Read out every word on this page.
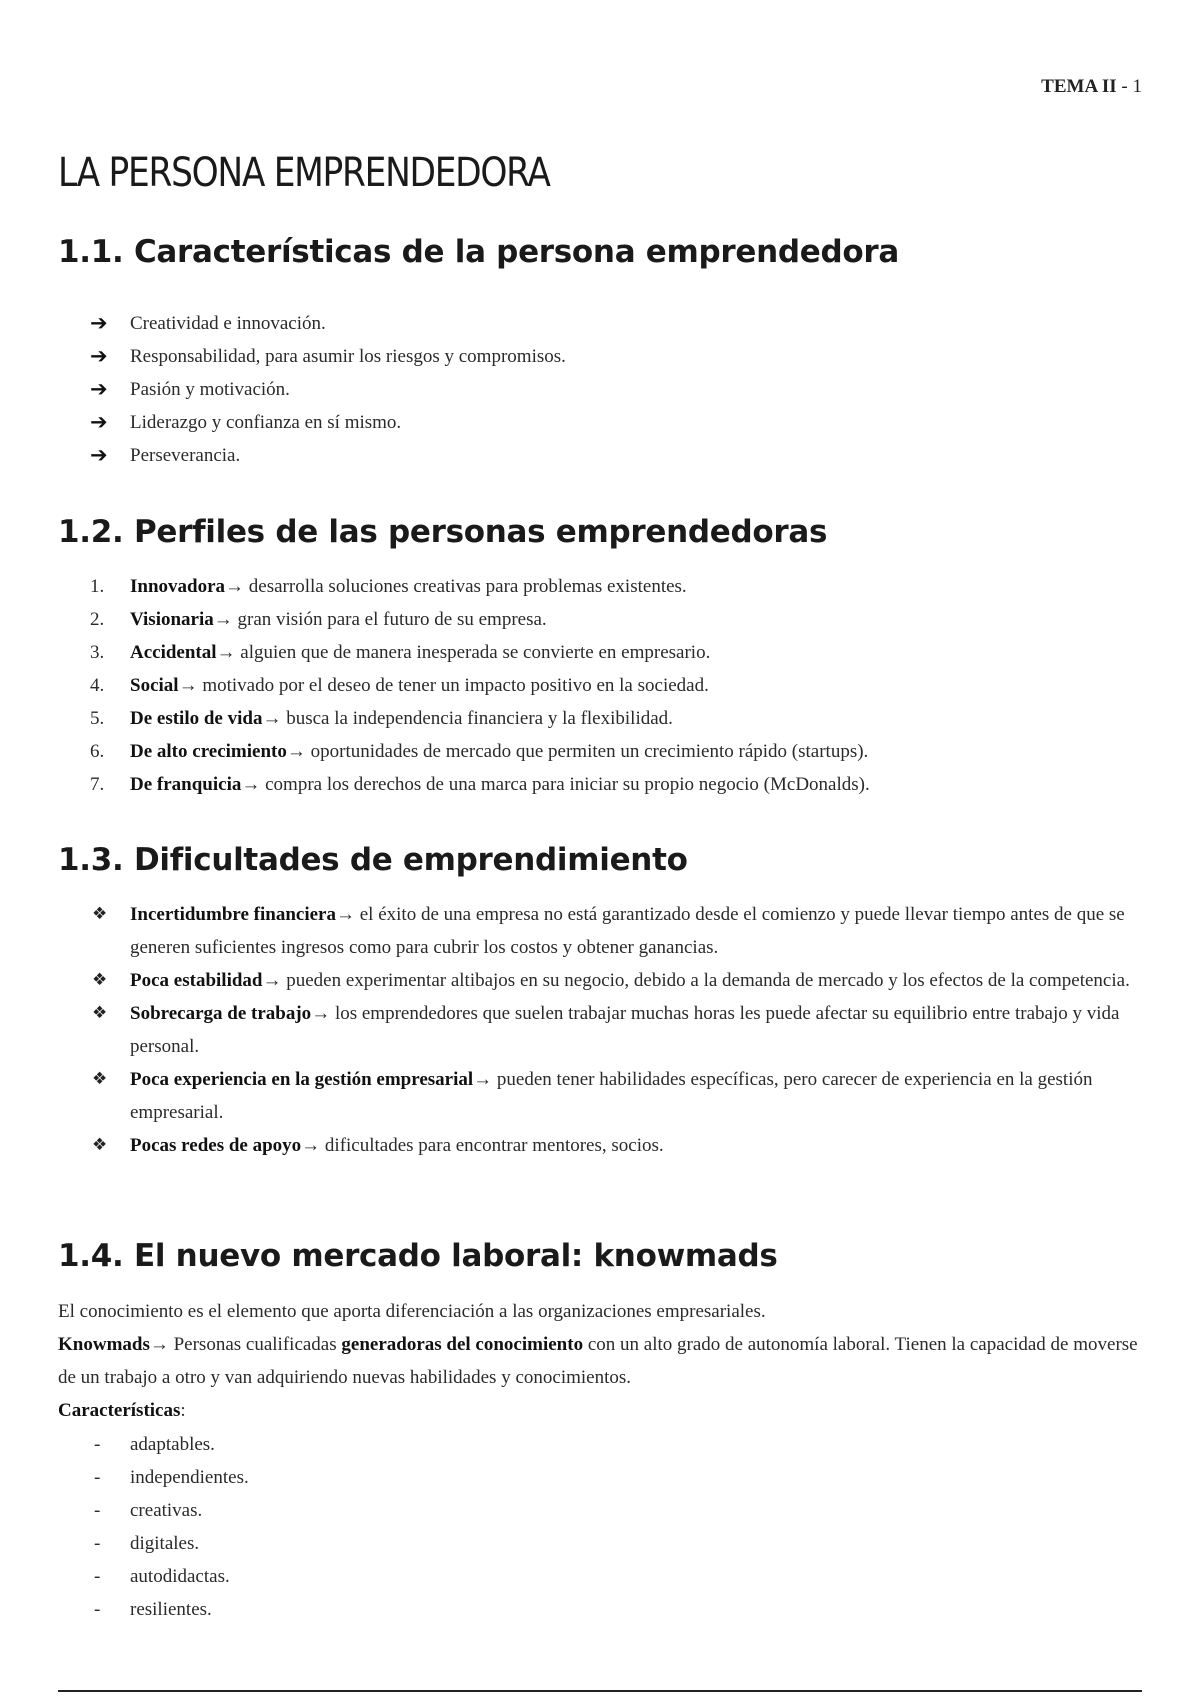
TEMA II - 1
LA PERSONA EMPRENDEDORA
1.1. Características de la persona emprendedora
➔	Creatividad e innovación.
➔	Responsabilidad, para asumir los riesgos y compromisos.
➔	Pasión y motivación.
➔	Liderazgo y confianza en sí mismo.
➔	Perseverancia.
1.2. Perfiles de las personas emprendedoras
1.	Innovadora→ desarrolla soluciones creativas para problemas existentes.
2.	Visionaria→ gran visión para el futuro de su empresa.
3.	Accidental→ alguien que de manera inesperada se convierte en empresario.
4.	Social→ motivado por el deseo de tener un impacto positivo en la sociedad.
5.	De estilo de vida→ busca la independencia financiera y la flexibilidad.
6.	De alto crecimiento→ oportunidades de mercado que permiten un crecimiento rápido (startups).
7.	De franquicia→ compra los derechos de una marca para iniciar su propio negocio (McDonalds).
1.3. Dificultades de emprendimiento
❖	Incertidumbre financiera→ el éxito de una empresa no está garantizado desde el comienzo y puede llevar tiempo antes de que se generen suficientes ingresos como para cubrir los costos y obtener ganancias.
❖	Poca estabilidad→ pueden experimentar altibajos en su negocio, debido a la demanda de mercado y los efectos de la competencia.
❖	Sobrecarga de trabajo→ los emprendedores que suelen trabajar muchas horas les puede afectar su equilibrio entre trabajo y vida personal.
❖	Poca experiencia en la gestión empresarial→ pueden tener habilidades específicas, pero carecer de experiencia en la gestión empresarial.
❖	Pocas redes de apoyo→ dificultades para encontrar mentores, socios.
1.4. El nuevo mercado laboral: knowmads

El conocimiento es el elemento que aporta diferenciación a las organizaciones empresariales.

Knowmads→ Personas cualificadas generadoras del conocimiento con un alto grado de autonomía laboral. Tienen la capacidad de moverse de un trabajo a otro y van adquiriendo nuevas habilidades y conocimientos.

Características:

-	adaptables.
-	independientes.
-	creativas.
-	digitales.
-	autodidactas.
-	resilientes.
